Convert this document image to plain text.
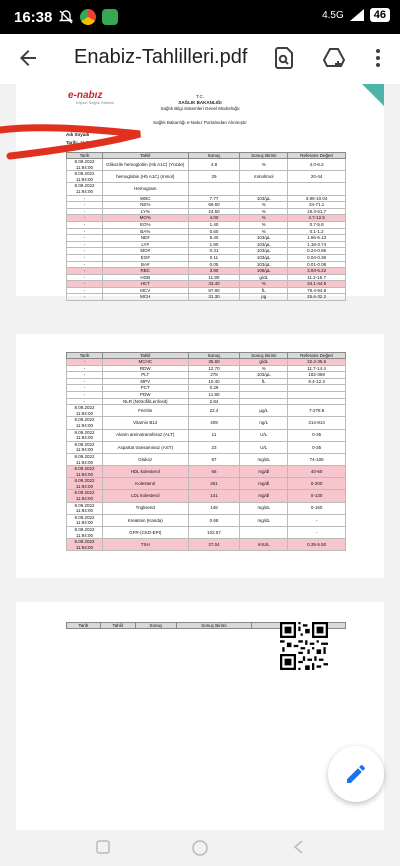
16:38	4.5G	46
Enabiz-Tahlilleri.pdf
e-nabız
Kişisel Sağlık Sistemi
T.C.
SAĞLIK BAKANLIĞI
Sağlık Bilgi Sistemleri Genel Müdürlüğü
Sağlık Bakanlığı e-Nabız Portalından Alınmıştır
Adı Soyadı
Tarih: 11.09.
Tarih	Tahlil	Sonuç	Sonuç Birimi	Referans Değeri
8.09.2022 11:94:00	Glikozile hemoglobin (Hb A1C) (Yüzde)	4.8	%	4.0-6.2
8.09.2022 11:94:00	hemoglobin (Hb A1C) (mmol)	29	mmol/mol	20-44
8.09.2022 11:94:00	Hemogram			
-	WBC	7.77	103/µL	3.98-10.04
-	NE%	69.50	%	34-71.1
-	LY%	24.50	%	19.3-51.7
-	MO%	4.00	%	4.7-12.5
-	EO%	1.40	%	0.7-5.8
-	BA%	0.60	%	0.1-1.2
-	NE#	5.40	103/µL	1.56-6.13
-	LY#	1.90	103/µL	1.18-3.74
-	MO#	0.31	103/µL	0.24-0.86
-	EO#	0.11	103/µL	0.04-0.36
-	BA#	0.05	103/µL	0.01-0.08
-	RBC	3.80	106/µL	3.93-5.22
-	HGB	11.90	g/dL	11.2-15.7
-	HCT	33.40	%	34.1-44.9
-	MCV	87.90	fL	79.4-94.8
-	MCH	31.30	pg	25.6-32.2
Tarih	Tahlil	Sonuç	Sonuç Birimi	Referans Değeri
-	MCHC	35.60	g/dL	32.2-35.5
-	RDW	12.70	%	11.7-14.4
-	PLT	278	103/µL	182-369
-	MPV	10.40	fL	9.4-12.3
-	PCT	0.29		
-	PDW	11.90		
-	NLR (Nötrofil/Lenfosit)	2.84		
8.09.2022 11:94:00	Ferritin	22.4	µg/L	7-278.8
8.09.2022 11:94:00	Vitamin B12	409	ng/L	214-814
8.09.2022 11:94:00	Alanin aminotransferaz (ALT)	11	U/L	0-35
8.09.2022 11:94:00	Aspartat transaminaz (AST)	23	U/L	0-35
8.09.2022 11:94:00	Glukoz	87	mg/dL	74-106
8.09.2022 11:94:00	HDL kolesterol	66	mg/dl	40-60
8.09.2022 11:94:00	Kolesterol	261	mg/dl	0-200
8.09.2022 11:94:00	LDL kolesterol	141	mg/dl	0-130
8.09.2022 11:94:00	Trigliserid	148	mg/dL	0-150
8.09.2022 11:94:00	Kreatinin (Kanda)	0.68	mg/dL	-
8.09.2022 11:94:00	GFR-(CKD-EPI)	102.57		-
8.09.2022 11:94:00	TSH	37.04	mIU/L	0.35-5.50
Tarih	Tahlil	Sonuç	Sonuç Birimi	
